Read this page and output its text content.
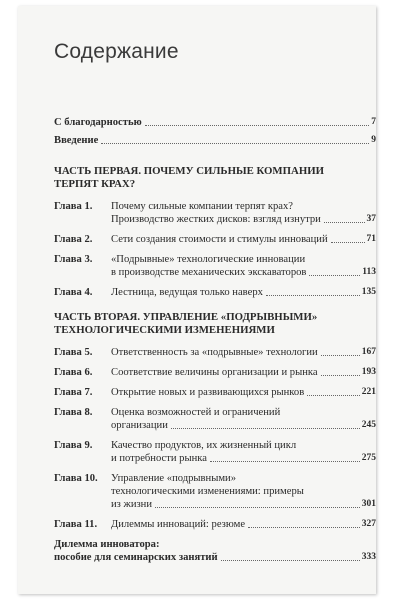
Содержание
С благодарностью	7
Введение	9
ЧАСТЬ ПЕРВАЯ. ПОЧЕМУ СИЛЬНЫЕ КОМПАНИИ
ТЕРПЯТ КРАХ?
Глава 1.	Почему сильные компании терпят крах?
Производство жестких дисков: взгляд изнутри	37
Глава 2.	Сети создания стоимости и стимулы инноваций	71
Глава 3.	«Подрывные» технологические инновации
в производстве механических экскаваторов	113
Глава 4.	Лестница, ведущая только наверх	135
ЧАСТЬ ВТОРАЯ. УПРАВЛЕНИЕ «ПОДРЫВНЫМИ»
ТЕХНОЛОГИЧЕСКИМИ ИЗМЕНЕНИЯМИ
Глава 5.	Ответственность за «подрывные» технологии	167
Глава 6.	Соответствие величины организации и рынка	193
Глава 7.	Открытие новых и развивающихся рынков	221
Глава 8.	Оценка возможностей и ограничений
организации	245
Глава 9.	Качество продуктов, их жизненный цикл
и потребности рынка	275
Глава 10.	Управление «подрывными»
технологическими изменениями: примеры
из жизни	301
Глава 11.	Дилеммы инноваций: резюме	327
Дилемма инноватора:
пособие для семинарских занятий	333
